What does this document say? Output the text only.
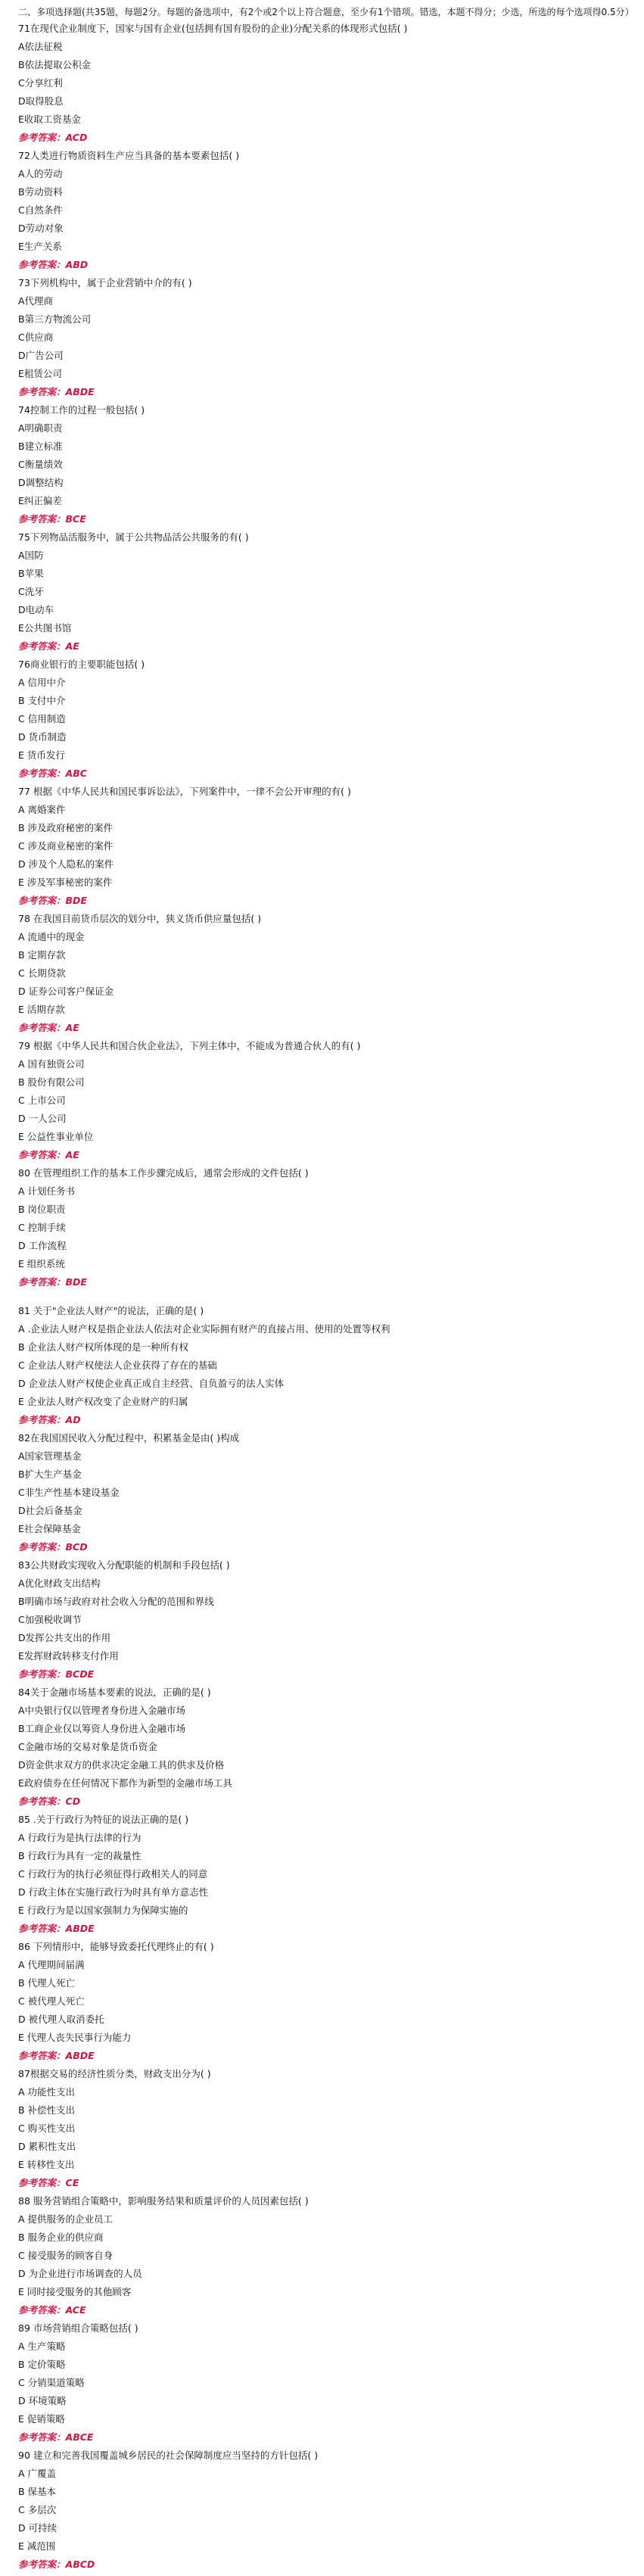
二、多项选择题(共35题，每题2分。每题的备选项中，有2个或2个以上符合题意，至少有1个错项。错选，本题不得分；少选，所选的每个选项得0.5分）
71在现代企业制度下，国家与国有企业(包括拥有国有股份的企业)分配关系的体现形式包括( )
A依法征税
B依法提取公积金
C分享红利
D取得股息
E收取工资基金
参考答案：ACD
72人类进行物质资料生产应当具备的基本要素包括( )
A人的劳动
B劳动资料
C自然条件
D劳动对象
E生产关系
参考答案：ABD
73下列机构中，属于企业营销中介的有( )
A代理商
B第三方物流公司
C供应商
D广告公司
E租赁公司
参考答案：ABDE
74控制工作的过程一般包括( )
A明确职责
B建立标准
C衡量绩效
D调整结构
E纠正偏差
参考答案：BCE
75下列物品活服务中，属于公共物品活公共服务的有( )
A国防
B苹果
C洗牙
D电动车
E公共图书馆
参考答案：AE
76商业银行的主要职能包括( )
A 信用中介
B 支付中介
C 信用制造
D 货币制造
E 货币发行
参考答案：ABC
77 根据《中华人民共和国民事诉讼法》，下列案件中，一律不会公开审理的有( )
A 离婚案件
B 涉及政府秘密的案件
C 涉及商业秘密的案件
D 涉及个人隐私的案件
E 涉及军事秘密的案件
参考答案：BDE
78 在我国目前货币层次的划分中，狭义货币供应量包括( )
A 流通中的现金
B 定期存款
C 长期贷款
D 证券公司客户保证金
E 活期存款
参考答案：AE
79 根据《中华人民共和国合伙企业法》，下列主体中，不能成为普通合伙人的有( )
A 国有独资公司
B 股份有限公司
C 上市公司
D 一人公司
E 公益性事业单位
参考答案：AE
80 在管理组织工作的基本工作步骤完成后，通常会形成的文件包括( )
A 计划任务书
B 岗位职责
C 控制手续
D 工作流程
E 组织系统
参考答案：BDE
81 关于"企业法人财产"的说法，正确的是( )
A .企业法人财产权是指企业法人依法对企业实际拥有财产的直接占用、使用的处置等权利
B 企业法人财产权所体现的是一种所有权
C 企业法人财产权使法人企业获得了存在的基础
D 企业法人财产权使企业真正成自主经营、自负盈亏的法人实体
E 企业法人财产权改变了企业财产的归属
参考答案：AD
82在我国国民收入分配过程中，积累基金是由( )构成
A国家管理基金
B扩大生产基金
C非生产性基本建设基金
D社会后备基金
E社会保障基金
参考答案：BCD
83公共财政实现收入分配职能的机制和手段包括( )
A优化财政支出结构
B明确市场与政府对社会收入分配的范围和界线
C加强税收调节
D发挥公共支出的作用
E发挥财政转移支付作用
参考答案：BCDE
84关于金融市场基本要素的说法，正确的是( )
A中央银行仅以管理者身份进入金融市场
B工商企业仅以筹资人身份进入金融市场
C金融市场的交易对象是货币资金
D资金供求双方的供求决定金融工具的供求及价格
E政府债券在任何情况下都作为新型的金融市场工具
参考答案：CD
85 .关于行政行为特征的说法正确的是( )
A 行政行为是执行法律的行为
B 行政行为具有一定的裁量性
C 行政行为的执行必须征得行政相关人的同意
D 行政主体在实施行政行为时具有单方意志性
E 行政行为是以国家强制力为保障实施的
参考答案：ABDE
86 下列情形中，能够导致委托代理终止的有( )
A 代理期间届满
B 代理人死亡
C 被代理人死亡
D 被代理人取消委托
E 代理人丧失民事行为能力
参考答案：ABDE
87根据交易的经济性质分类，财政支出分为( )
A 功能性支出
B 补偿性支出
C 购买性支出
D 累积性支出
E 转移性支出
参考答案：CE
88 服务营销组合策略中，影响服务结果和质量评价的人员因素包括( )
A 提供服务的企业员工
B 服务企业的供应商
C 接受服务的顾客自身
D 为企业进行市场调查的人员
E 同时接受服务的其他顾客
参考答案：ACE
89 市场营销组合策略包括( )
A 生产策略
B 定价策略
C 分销渠道策略
D 环境策略
E 促销策略
参考答案：ABCE
90 建立和完善我国覆盖城乡居民的社会保障制度应当坚持的方针包括( )
A 广覆盖
B 保基本
C 多层次
D 可持续
E 减范围
参考答案：ABCD
